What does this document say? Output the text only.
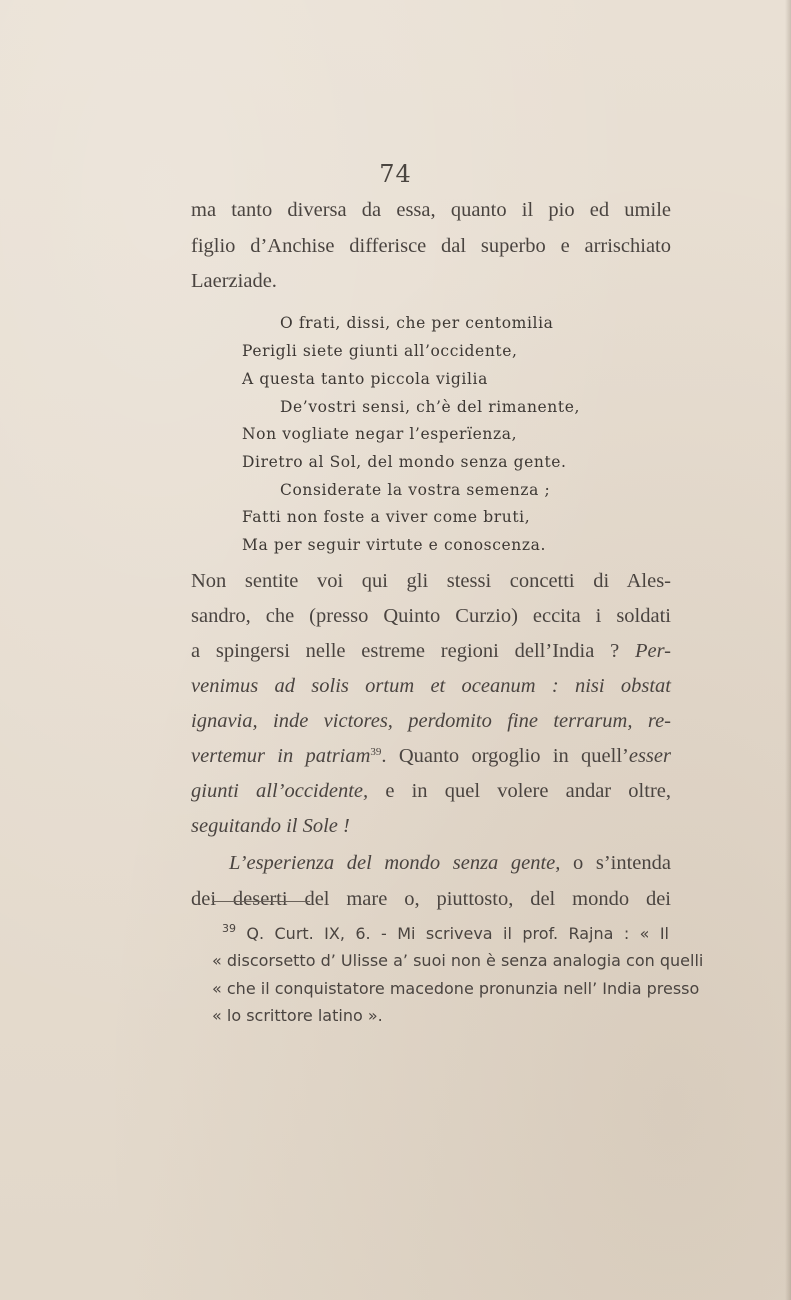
74
ma tanto diversa da essa, quanto il pio ed umile
figlio d’Anchise differisce dal superbo e arrischiato
Laerziade.
O frati, dissi, che per centomilia
Perigli siete giunti all’occidente,
A questa tanto piccola vigilia
De’vostri sensi, ch’è del rimanente,
Non vogliate negar l’esperïenza,
Diretro al Sol, del mondo senza gente.
Considerate la vostra semenza ;
Fatti non foste a viver come bruti,
Ma per seguir virtute e conoscenza.
Non sentite voi qui gli stessi concetti di Ales-
sandro, che (presso Quinto Curzio) eccita i soldati
a spingersi nelle estreme regioni dell’India ? Per-
venimus ad solis ortum et oceanum : nisi obstat
ignavia, inde victores, perdomito fine terrarum, re-
vertemur in patriam$^{39}$. Quanto orgoglio in quell’esser
giunti all’occidente, e in quel volere andar oltre,
seguitando il Sole !
L’esperienza del mondo senza gente, o s’intenda
dei deserti del mare o, piuttosto, del mondo dei
$^{39}$ Q. Curt. IX, 6. - Mi scriveva il prof. Rajna : « Il
« discorsetto d’ Ulisse a’ suoi non è senza analogia con quelli
« che il conquistatore macedone pronunzia nell’ India presso
« lo scrittore latino ».
